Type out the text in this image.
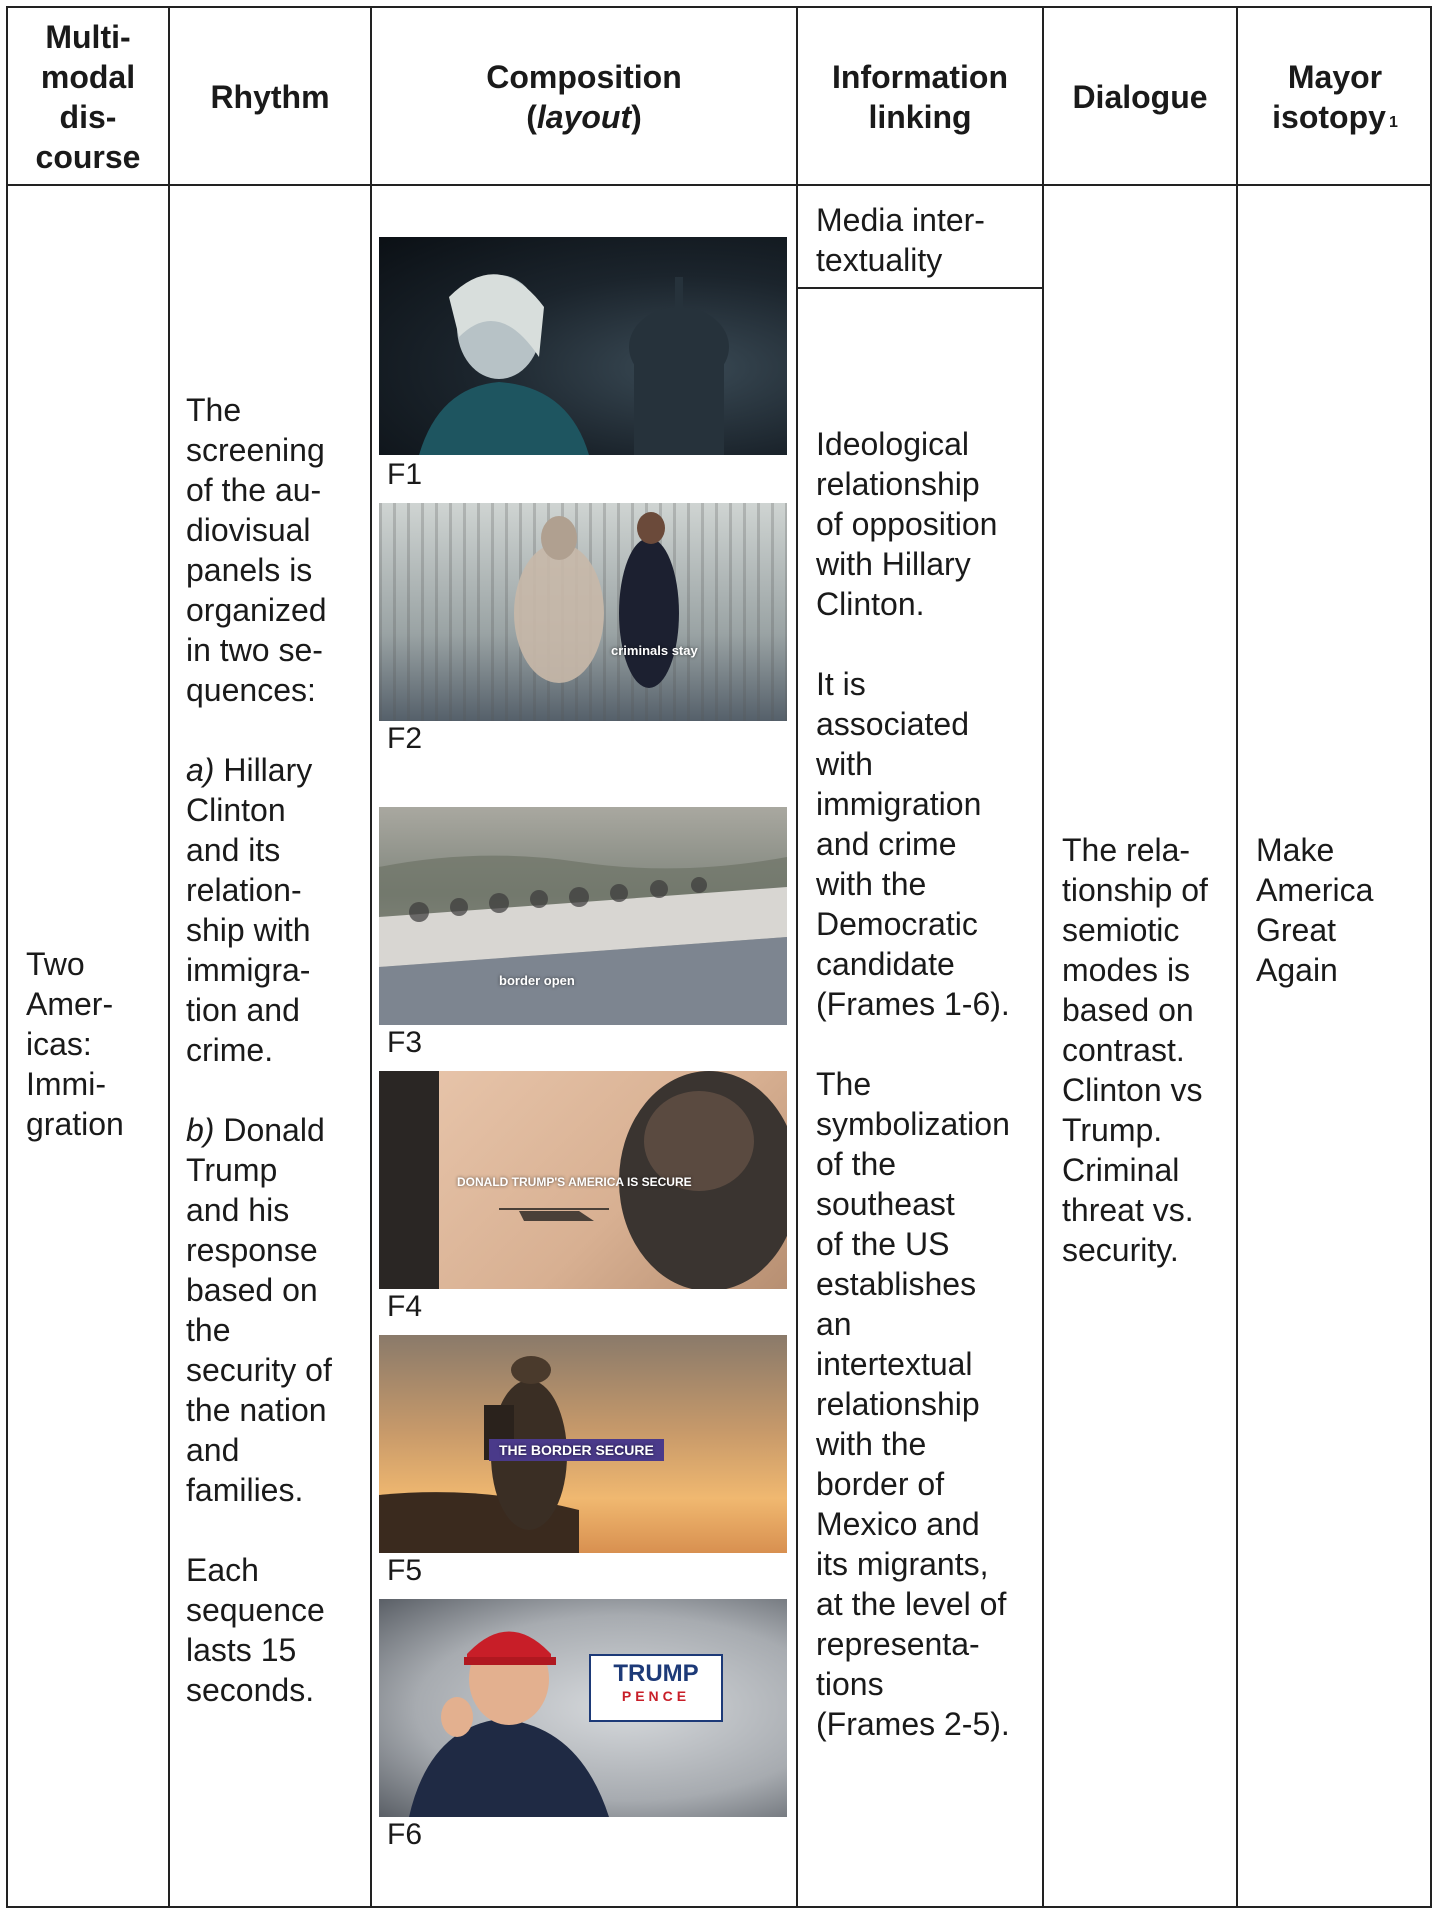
Multi-
modal
dis-
course
Rhythm
Composition
(layout)
Information
linking
Dialogue
Mayor
isotopy $^1$
Two
Amer-
icas:
Immi-
gration

The
screening
of the au-
diovisual
panels is
organized
in two se-
quences:

a) Hillary
Clinton
and its
relation-
ship with
immigra-
tion and
crime.

b) Donald
Trump
and his
response
based on
the
security of
the nation
and
families.

Each
sequence
lasts 15
seconds.

F1
criminals stay
F2
border open
F3
DONALD TRUMP'S AMERICA IS SECURE
F4
THE BORDER SECURE
F5
TRUMP
PENCE
F6
Media inter-
textuality

Ideological
relationship
of opposition
with Hillary
Clinton.

It is
associated
with
immigration
and crime
with the
Democratic
candidate
(Frames 1-6).

The
symbolization
of the
southeast
of the US
establishes
an
intertextual
relationship
with the
border of
Mexico and
its migrants,
at the level of
representa-
tions
(Frames 2-5).

The rela-
tionship of
semiotic
modes is
based on
contrast.
Clinton vs
Trump.
Criminal
threat vs.
security.
Make
America
Great
Again
